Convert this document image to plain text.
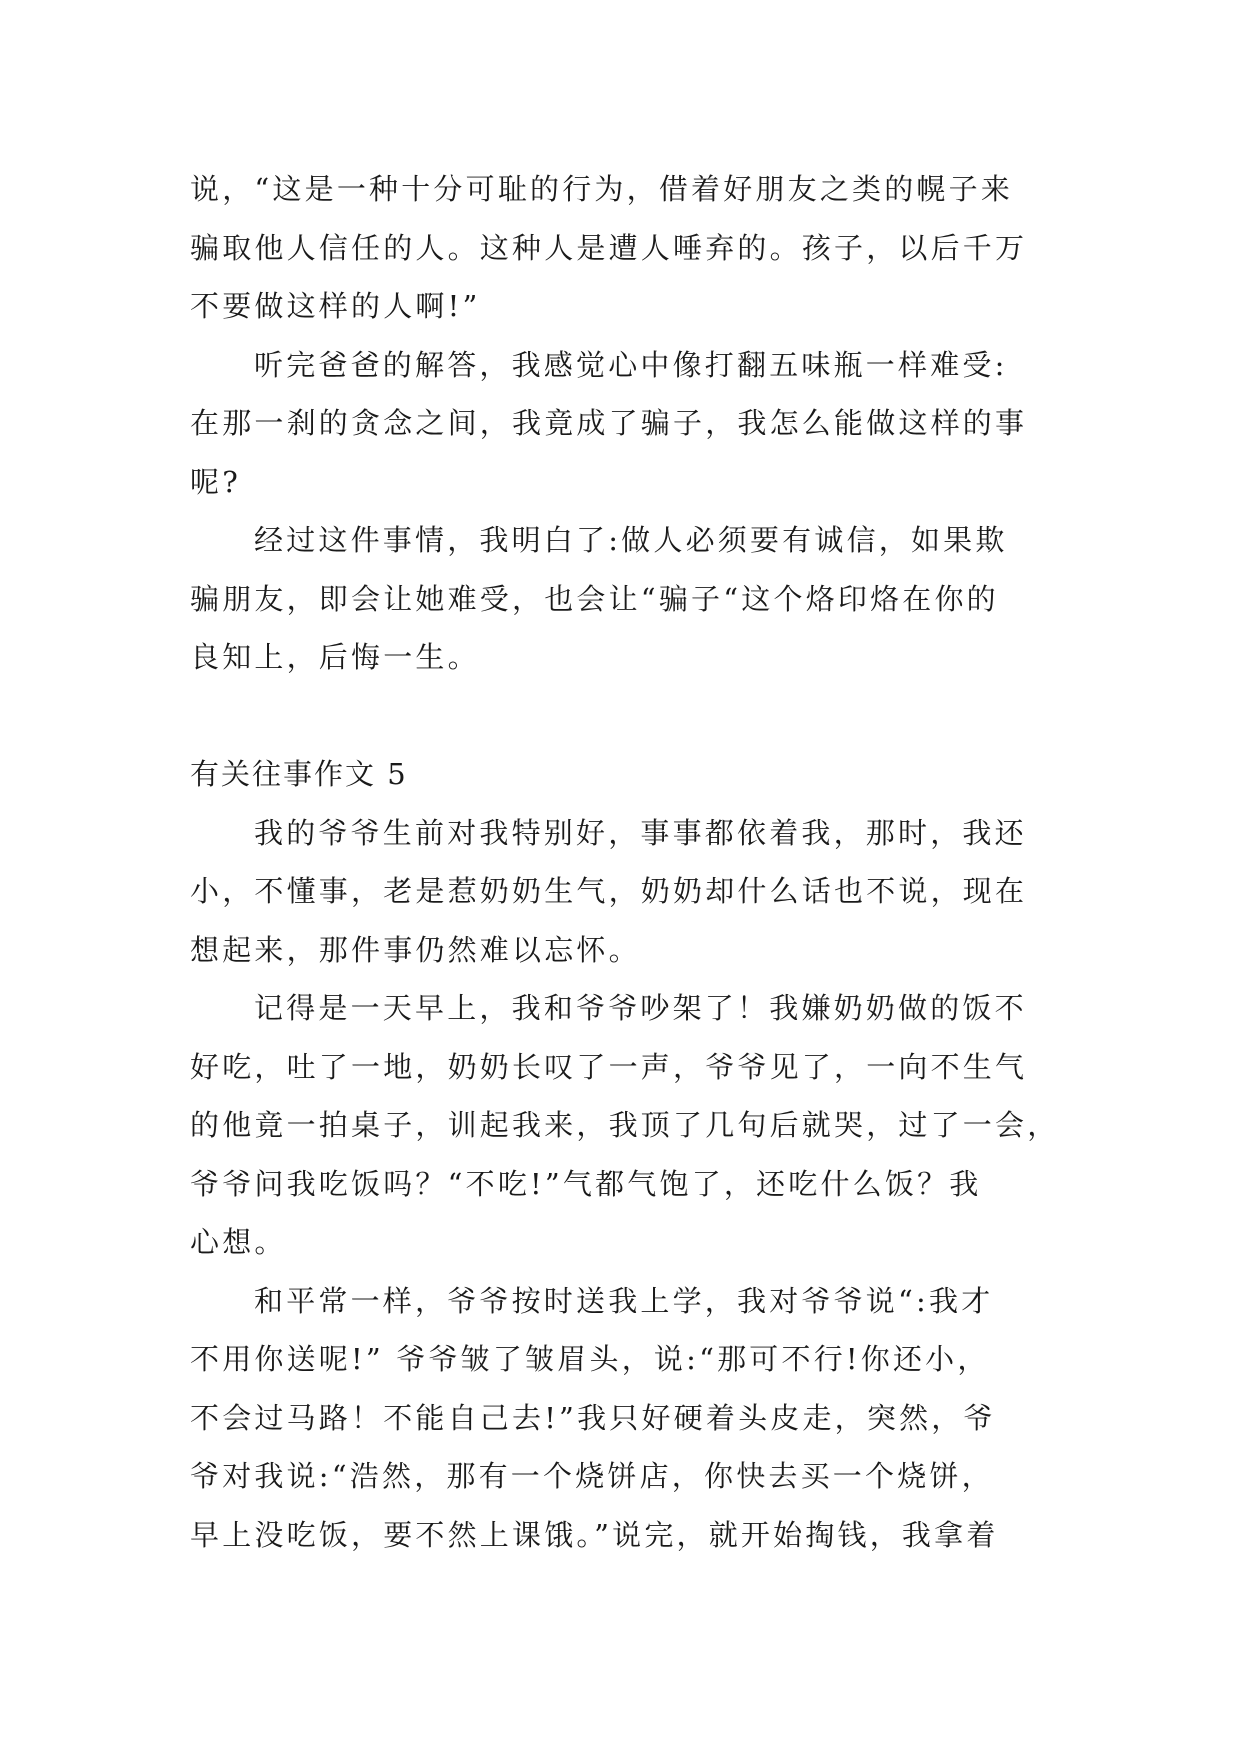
说，“这是一种十分可耻的行为，借着好朋友之类的幌子来
骗取他人信任的人。这种人是遭人唾弃的。孩子，以后千万
不要做这样的人啊!”
听完爸爸的解答，我感觉心中像打翻五味瓶一样难受:
在那一刹的贪念之间，我竟成了骗子，我怎么能做这样的事
呢?
经过这件事情，我明白了:做人必须要有诚信，如果欺
骗朋友，即会让她难受，也会让“骗子“这个烙印烙在你的
良知上，后悔一生。
有关往事作文 5
我的爷爷生前对我特别好，事事都依着我，那时，我还
小，不懂事，老是惹奶奶生气，奶奶却什么话也不说，现在
想起来，那件事仍然难以忘怀。
记得是一天早上，我和爷爷吵架了！我嫌奶奶做的饭不
好吃，吐了一地，奶奶长叹了一声，爷爷见了，一向不生气
的他竟一拍桌子，训起我来，我顶了几句后就哭，过了一会，
爷爷问我吃饭吗？“不吃!”气都气饱了，还吃什么饭？我
心想。
和平常一样，爷爷按时送我上学，我对爷爷说“:我才
不用你送呢!” 爷爷皱了皱眉头，说:“那可不行!你还小，
不会过马路！不能自己去!”我只好硬着头皮走，突然，爷
爷对我说:“浩然，那有一个烧饼店，你快去买一个烧饼，
早上没吃饭，要不然上课饿。”说完，就开始掏钱，我拿着
